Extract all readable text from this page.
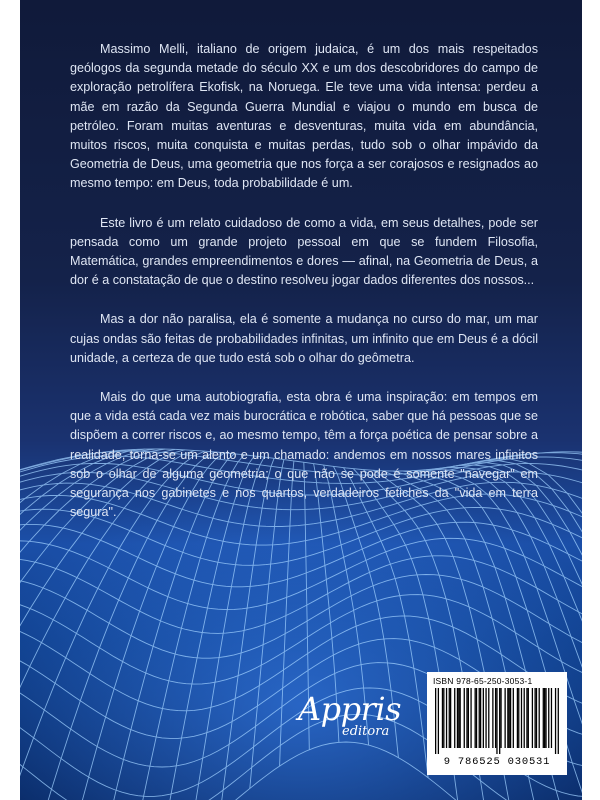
Massimo Melli, italiano de origem judaica, é um dos mais respeitados geólogos da segunda metade do século XX e um dos descobridores do campo de exploração petrolífera Ekofisk, na Noruega. Ele teve uma vida intensa: perdeu a mãe em razão da Segunda Guerra Mundial e viajou o mundo em busca de petróleo. Foram muitas aventuras e desventuras, muita vida em abundância, muitos riscos, muita conquista e muitas perdas, tudo sob o olhar impávido da Geometria de Deus, uma geometria que nos força a ser corajosos e resignados ao mesmo tempo: em Deus, toda probabilidade é um.

Este livro é um relato cuidadoso de como a vida, em seus detalhes, pode ser pensada como um grande projeto pessoal em que se fundem Filosofia, Matemática, grandes empreendimentos e dores — afinal, na Geometria de Deus, a dor é a constatação de que o destino resolveu jogar dados diferentes dos nossos...

Mas a dor não paralisa, ela é somente a mudança no curso do mar, um mar cujas ondas são feitas de probabilidades infinitas, um infinito que em Deus é a dócil unidade, a certeza de que tudo está sob o olhar do geômetra.

Mais do que uma autobiografia, esta obra é uma inspiração: em tempos em que a vida está cada vez mais burocrática e robótica, saber que há pessoas que se dispõem a correr riscos e, ao mesmo tempo, têm a força poética de pensar sobre a realidade, torna-se um alento e um chamado: andemos em nossos mares infinitos sob o olhar de alguma geometria; o que não se pode é somente "navegar" em segurança nos gabinetes e nos quartos, verdadeiros fetiches da "vida em terra segura".

Appris
editora
ISBN 978-65-250-3053-1
9 786525 030531
